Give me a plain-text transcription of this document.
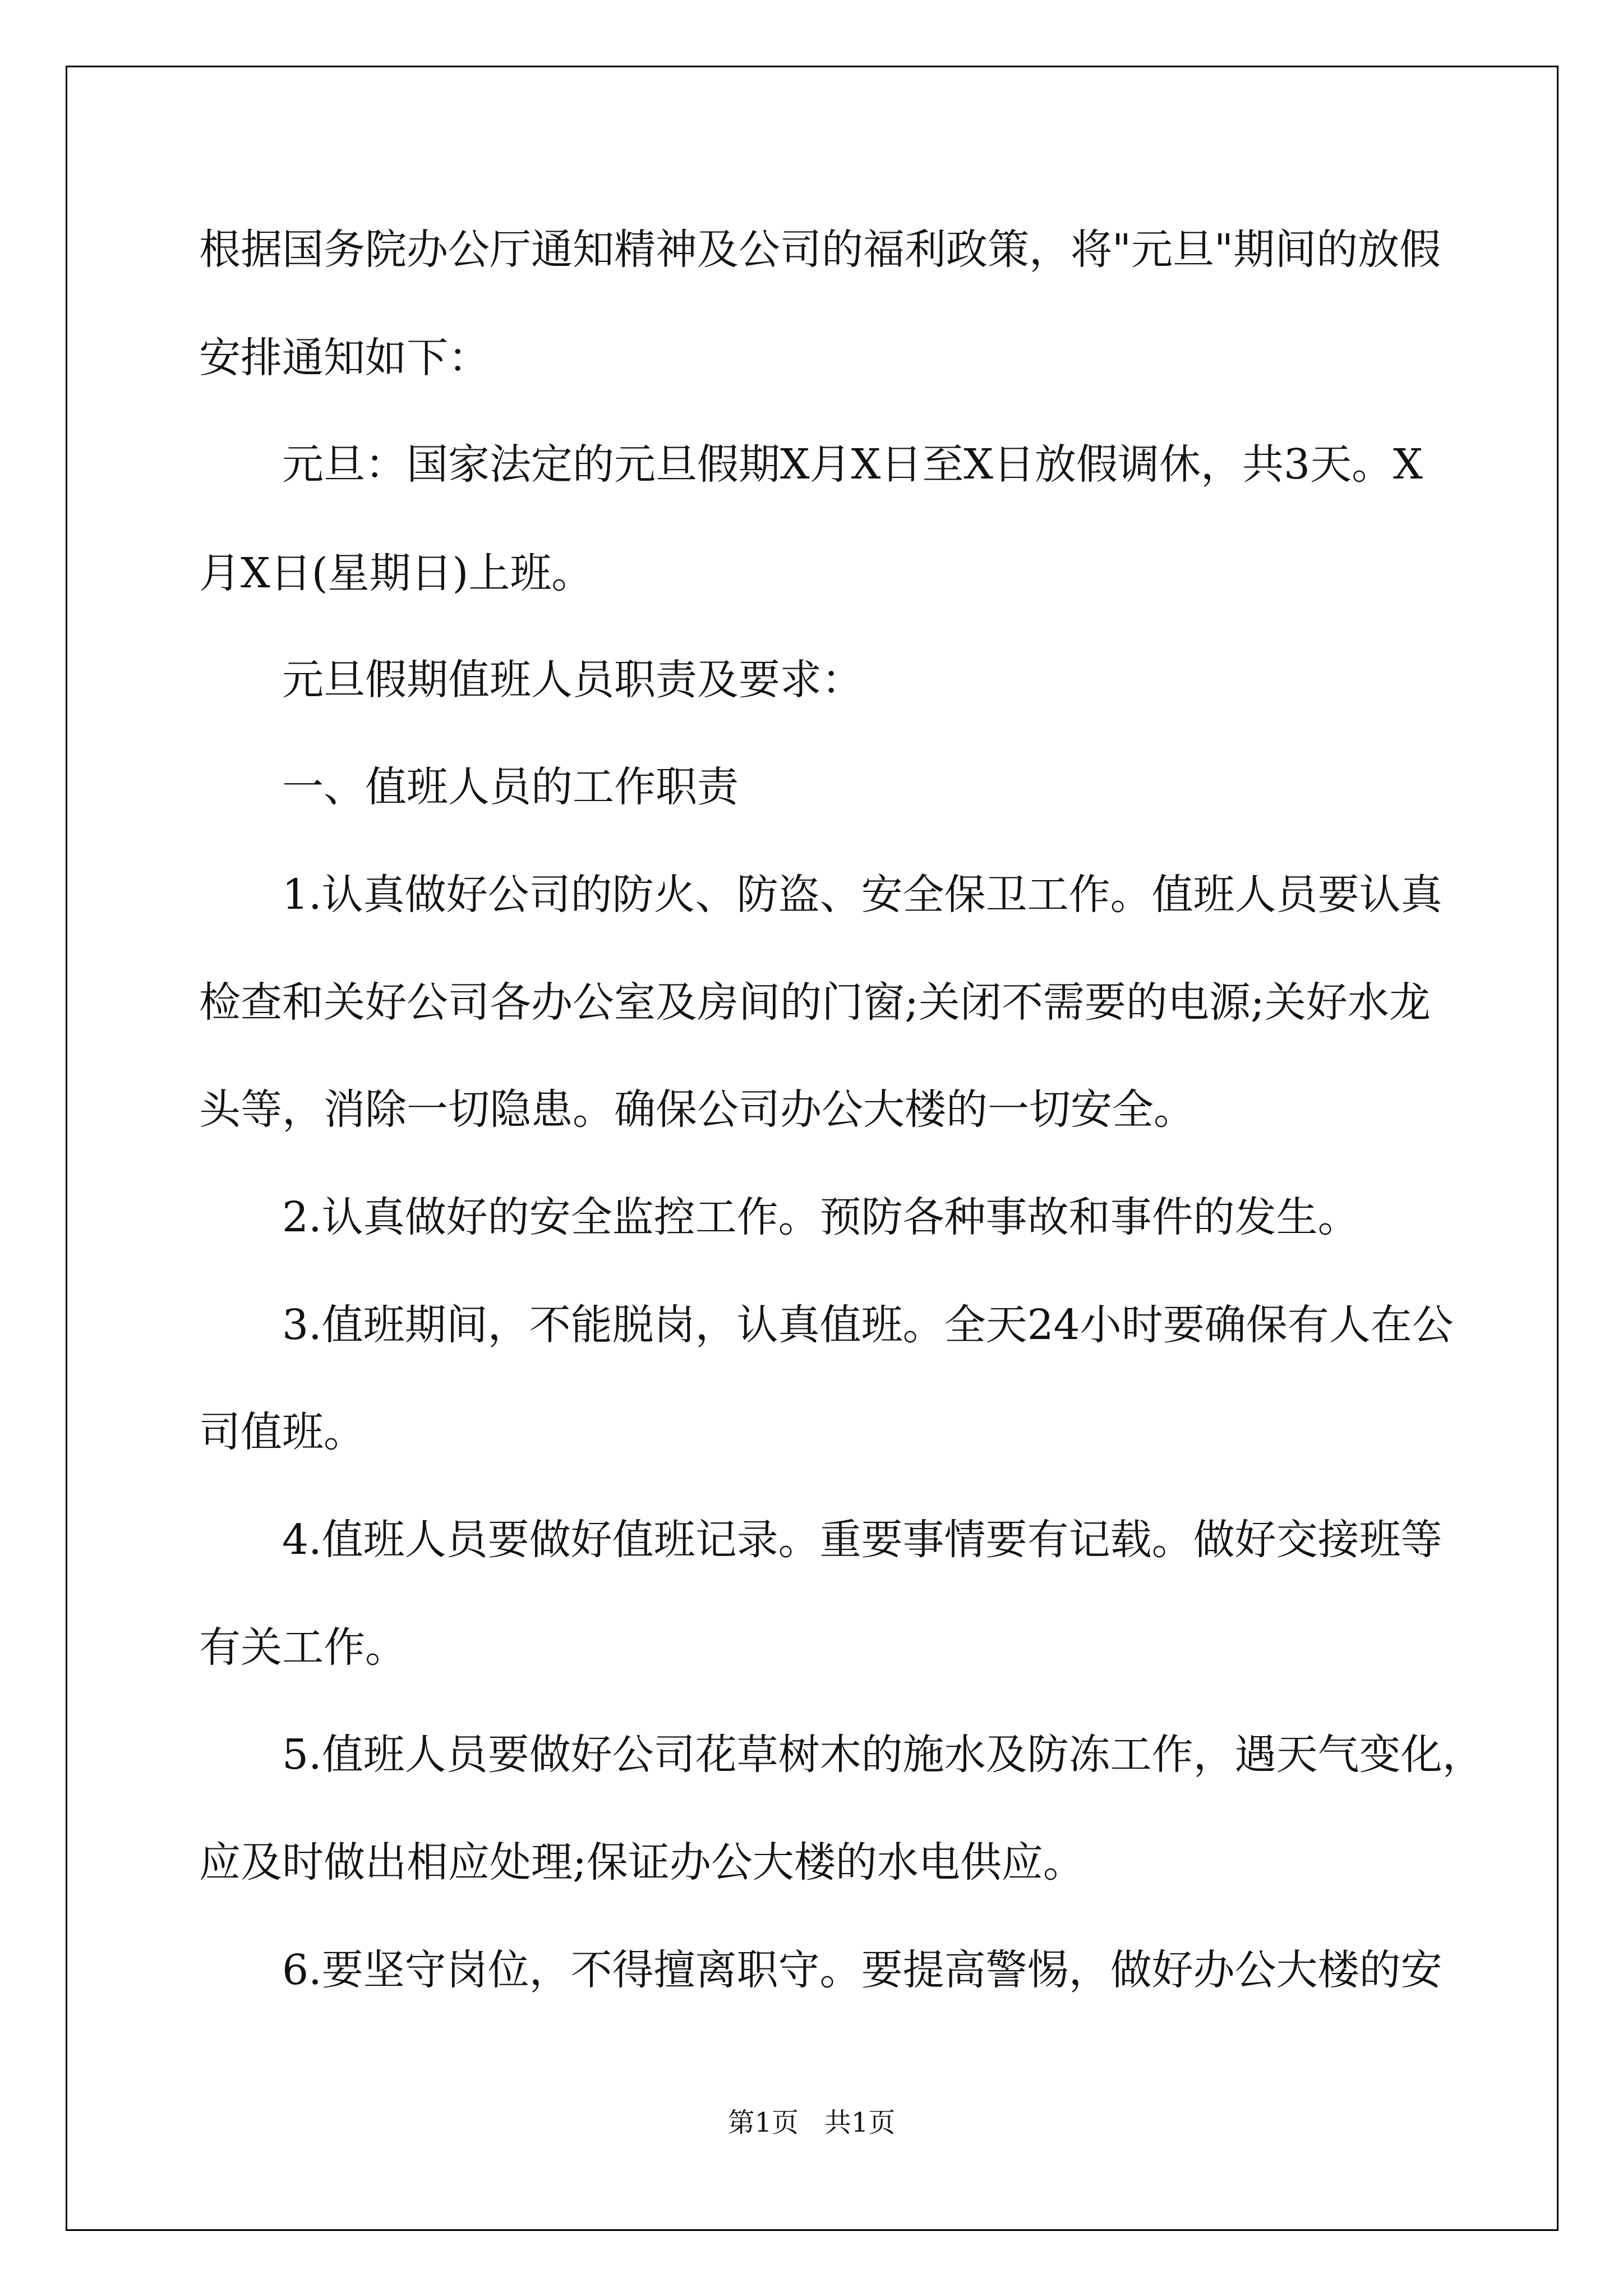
根据国务院办公厅通知精神及公司的福利政策，将"元旦"期间的放假
安排通知如下：
元旦：国家法定的元旦假期X月X日至X日放假调休，共3天。X
月X日(星期日)上班。
元旦假期值班人员职责及要求：
一、值班人员的工作职责
1.认真做好公司的防火、防盗、安全保卫工作。值班人员要认真
检查和关好公司各办公室及房间的门窗;关闭不需要的电源;关好水龙
头等，消除一切隐患。确保公司办公大楼的一切安全。
2.认真做好的安全监控工作。预防各种事故和事件的发生。
3.值班期间，不能脱岗，认真值班。全天24小时要确保有人在公
司值班。
4.值班人员要做好值班记录。重要事情要有记载。做好交接班等
有关工作。
5.值班人员要做好公司花草树木的施水及防冻工作，遇天气变化，
应及时做出相应处理;保证办公大楼的水电供应。
6.要坚守岗位，不得擅离职守。要提高警惕，做好办公大楼的安
第1页   共1页
